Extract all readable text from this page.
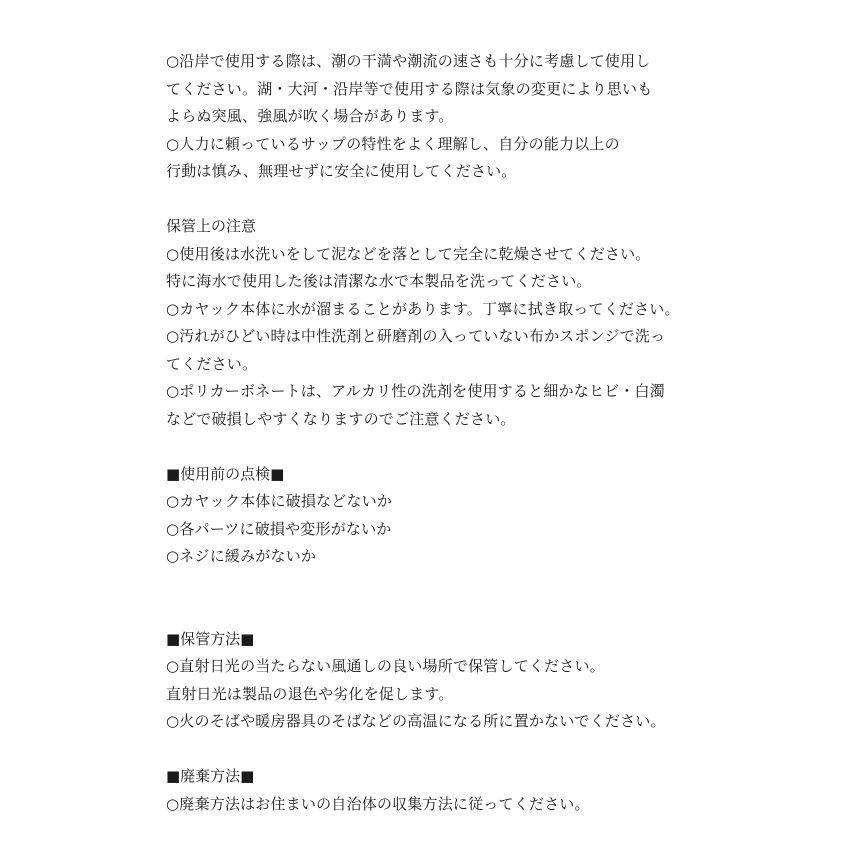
○沿岸で使用する際は、潮の干満や潮流の速さも十分に考慮して使用し
てください。湖・大河・沿岸等で使用する際は気象の変更により思いも
よらぬ突風、強風が吹く場合があります。
○人力に頼っているサップの特性をよく理解し、自分の能力以上の
行動は慎み、無理せずに安全に使用してください。
保管上の注意
○使用後は水洗いをして泥などを落として完全に乾燥させてください。
特に海水で使用した後は清潔な水で本製品を洗ってください。
○カヤック本体に水が溜まることがあります。丁寧に拭き取ってください。
○汚れがひどい時は中性洗剤と研磨剤の入っていない布かスポンジで洗っ
てください。
○ポリカーボネートは、アルカリ性の洗剤を使用すると細かなヒビ・白濁
などで破損しやすくなりますのでご注意ください。
■使用前の点検■
○カヤック本体に破損などないか
○各パーツに破損や変形がないか
○ネジに緩みがないか
■保管方法■
○直射日光の当たらない風通しの良い場所で保管してください。
直射日光は製品の退色や劣化を促します。
○火のそばや暖房器具のそばなどの高温になる所に置かないでください。
■廃棄方法■
○廃棄方法はお住まいの自治体の収集方法に従ってください。
